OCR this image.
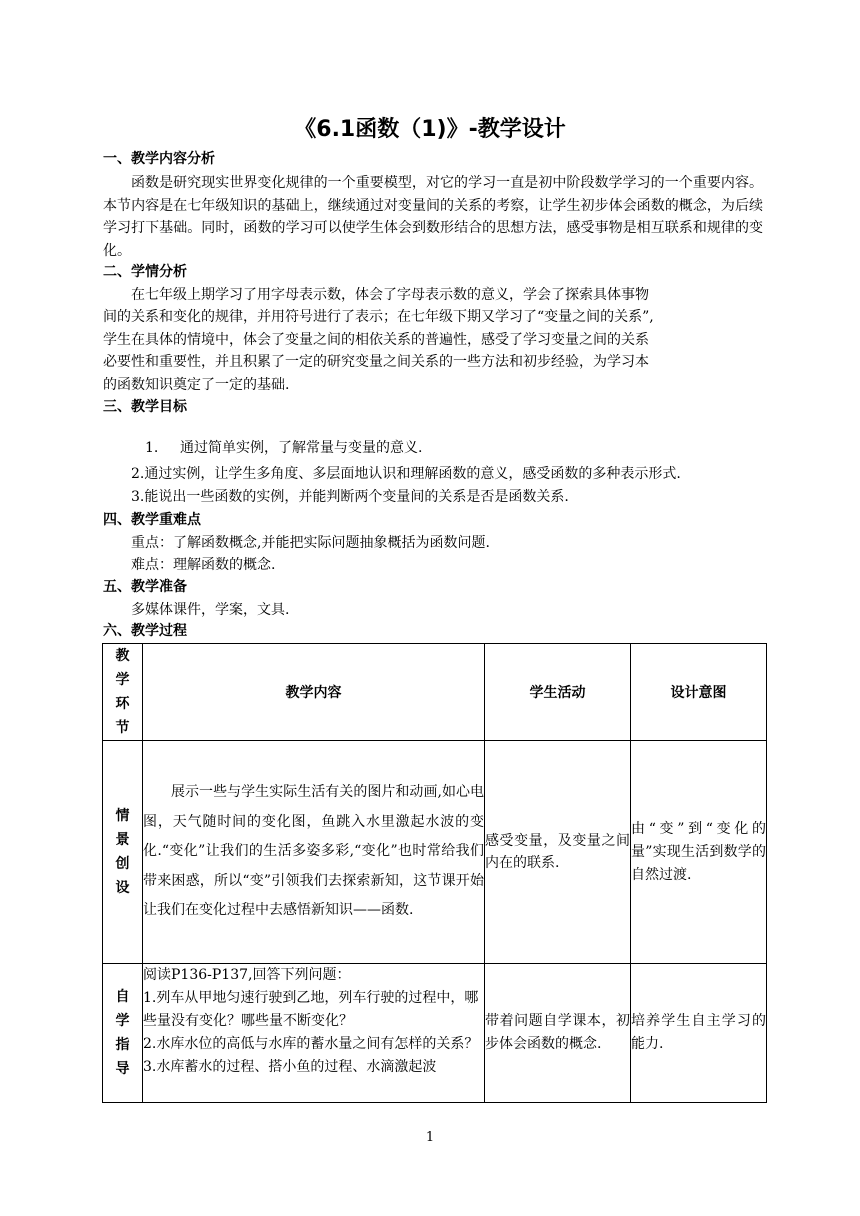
《6.1函数（1)》-教学设计
一、教学内容分析
函数是研究现实世界变化规律的一个重要模型，对它的学习一直是初中阶段数学学习的一个重要内容。本节内容是在七年级知识的基础上，继续通过对变量间的关系的考察，让学生初步体会函数的概念，为后续学习打下基础。同时，函数的学习可以使学生体会到数形结合的思想方法，感受事物是相互联系和规律的变化。
二、学情分析
在七年级上期学习了用字母表示数，体会了字母表示数的意义，学会了探索具体事物
间的关系和变化的规律，并用符号进行了表示；在七年级下期又学习了“变量之间的关系”,
学生在具体的情境中，体会了变量之间的相依关系的普遍性，感受了学习变量之间的关系
必要性和重要性，并且积累了一定的研究变量之间关系的一些方法和初步经验，为学习本
的函数知识奠定了一定的基础.
三、教学目标
1. 通过简单实例，了解常量与变量的意义.
2.通过实例，让学生多角度、多层面地认识和理解函数的意义，感受函数的多种表示形式.
3.能说出一些函数的实例，并能判断两个变量间的关系是否是函数关系.
四、教学重难点
重点：了解函数概念,并能把实际问题抽象概括为函数问题.
难点：理解函数的概念.
五、教学准备
多媒体课件，学案，文具.
六、教学过程
教学环节	教学内容	学生活动	设计意图

情景创设	展示一些与学生实际生活有关的图片和动画,如心电图，天气随时间的变化图，鱼跳入水里激起水波的变化.“变化”让我们的生活多姿多彩,“变化”也时常给我们带来困惑，所以“变”引领我们去探索新知，这节课开始让我们在变化过程中去感悟新知识——函数.	感受变量，及变量之间内在的联系.	由“变”到“变化的量”实现生活到数学的自然过渡.

自学指导	阅读P136-P137,回答下列问题：
1.列车从甲地匀速行驶到乙地，列车行驶的过程中，哪些量没有变化？哪些量不断变化？
2.水库水位的高低与水库的蓄水量之间有怎样的关系？
3.水库蓄水的过程、搭小鱼的过程、水滴激起波	带着问题自学课本，初步体会函数的概念.	培养学生自主学习的能力.
1
